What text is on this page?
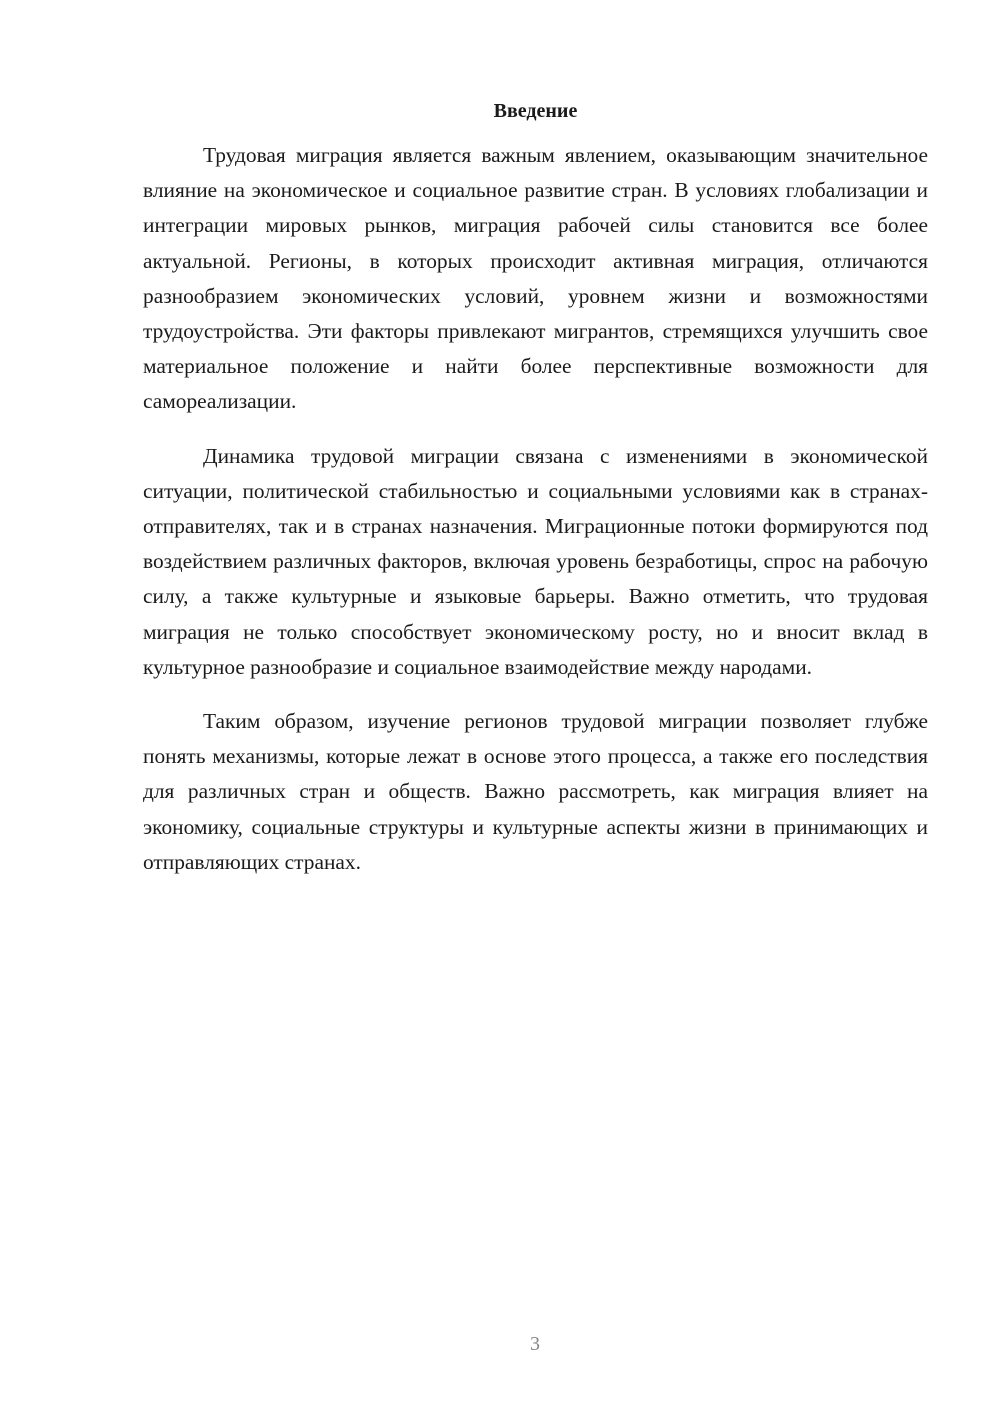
Введение

Трудовая миграция является важным явлением, оказывающим значительное влияние на экономическое и социальное развитие стран. В условиях глобализации и интеграции мировых рынков, миграция рабочей силы становится все более актуальной. Регионы, в которых происходит активная миграция, отличаются разнообразием экономических условий, уровнем жизни и возможностями трудоустройства. Эти факторы привлекают мигрантов, стремящихся улучшить свое материальное положение и найти более перспективные возможности для самореализации.

Динамика трудовой миграции связана с изменениями в экономической ситуации, политической стабильностью и социальными условиями как в странах-отправителях, так и в странах назначения. Миграционные потоки формируются под воздействием различных факторов, включая уровень безработицы, спрос на рабочую силу, а также культурные и языковые барьеры. Важно отметить, что трудовая миграция не только способствует экономическому росту, но и вносит вклад в культурное разнообразие и социальное взаимодействие между народами.

Таким образом, изучение регионов трудовой миграции позволяет глубже понять механизмы, которые лежат в основе этого процесса, а также его последствия для различных стран и обществ. Важно рассмотреть, как миграция влияет на экономику, социальные структуры и культурные аспекты жизни в принимающих и отправляющих странах.

3
